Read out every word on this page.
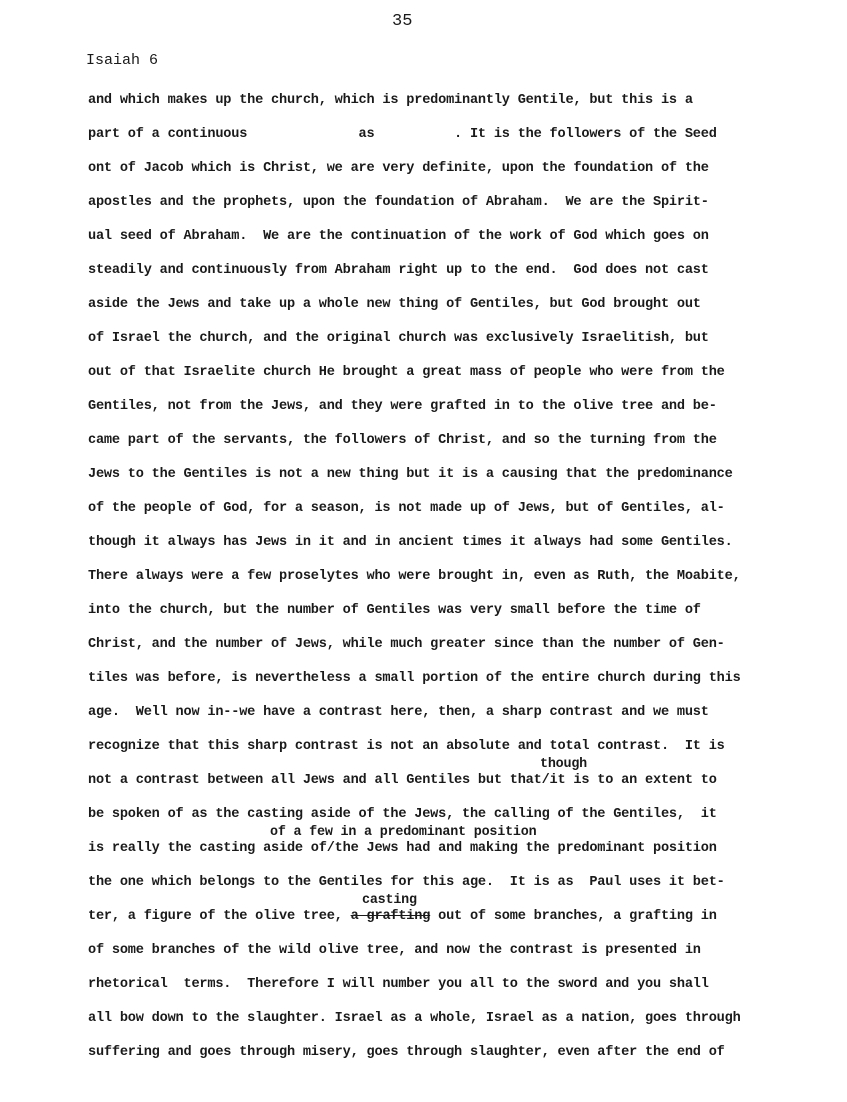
35
Isaiah 6
and which makes up the church, which is predominantly Gentile, but this is a
part of a continuous              as          . It is the followers of the Seed
ont of Jacob which is Christ, we are very definite, upon the foundation of the
apostles and the prophets, upon the foundation of Abraham.  We are the Spirit-
ual seed of Abraham.  We are the continuation of the work of God which goes on
steadily and continuously from Abraham right up to the end.  God does not cast
aside the Jews and take up a whole new thing of Gentiles, but God brought out
of Israel the church, and the original church was exclusively Israelitish, but
out of that Israelite church He brought a great mass of people who were from the
Gentiles, not from the Jews, and they were grafted in to the olive tree and be-
came part of the servants, the followers of Christ, and so the turning from the
Jews to the Gentiles is not a new thing but it is a causing that the predominance
of the people of God, for a season, is not made up of Jews, but of Gentiles, al-
though it always has Jews in it and in ancient times it always had some Gentiles.
There always were a few proselytes who were brought in, even as Ruth, the Moabite,
into the church, but the number of Gentiles was very small before the time of
Christ, and the number of Jews, while much greater since than the number of Gen-
tiles was before, is nevertheless a small portion of the entire church during this
age.  Well now in--we have a contrast here, then, a sharp contrast and we must
recognize that this sharp contrast is not an absolute and total contrast.  It is
though
not a contrast between all Jews and all Gentiles but that/it is to an extent to
be spoken of as the casting aside of the Jews, the calling of the Gentiles,  it
of a few in a predominant position
is really the casting aside of/the Jews had and making the predominant position
the one which belongs to the Gentiles for this age.  It is as  Paul uses it bet-
casting
ter, a figure of the olive tree, a grafting out of some branches, a grafting in
of some branches of the wild olive tree, and now the contrast is presented in
rhetorical  terms.  Therefore I will number you all to the sword and you shall
all bow down to the slaughter. Israel as a whole, Israel as a nation, goes through
suffering and goes through misery, goes through slaughter, even after the end of
